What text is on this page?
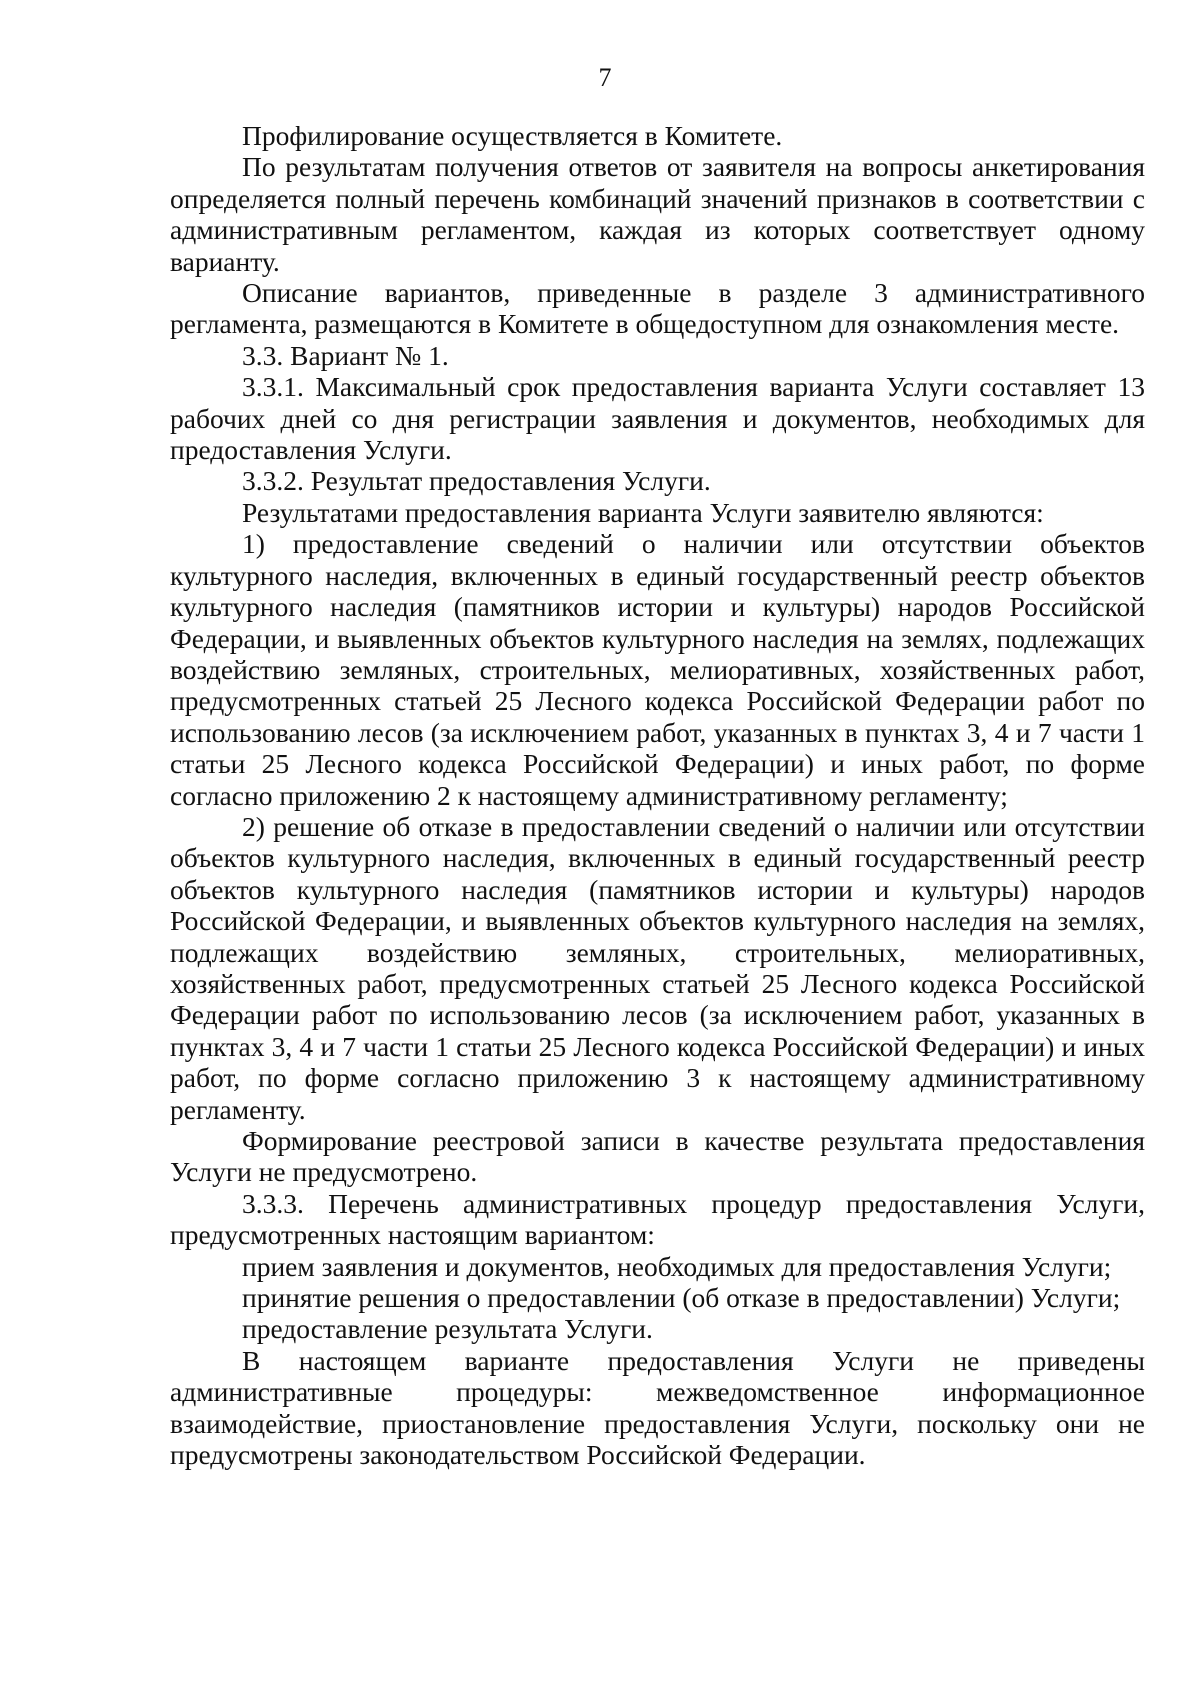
7

Профилирование осуществляется в Комитете.

По результатам получения ответов от заявителя на вопросы анкетирования определяется полный перечень комбинаций значений признаков в соответствии с административным регламентом, каждая из которых соответствует одному варианту.

Описание вариантов, приведенные в разделе 3 административного регламента, размещаются в Комитете в общедоступном для ознакомления месте.

3.3. Вариант № 1.

3.3.1. Максимальный срок предоставления варианта Услуги составляет 13 рабочих дней со дня регистрации заявления и документов, необходимых для предоставления Услуги.

3.3.2. Результат предоставления Услуги.

Результатами предоставления варианта Услуги заявителю являются:

1) предоставление сведений о наличии или отсутствии объектов культурного наследия, включенных в единый государственный реестр объектов культурного наследия (памятников истории и культуры) народов Российской Федерации, и выявленных объектов культурного наследия на землях, подлежащих воздействию земляных, строительных, мелиоративных, хозяйственных работ, предусмотренных статьей 25 Лесного кодекса Российской Федерации работ по использованию лесов (за исключением работ, указанных в пунктах 3, 4 и 7 части 1 статьи 25 Лесного кодекса Российской Федерации) и иных работ, по форме согласно приложению 2 к настоящему административному регламенту;

2) решение об отказе в предоставлении сведений о наличии или отсутствии объектов культурного наследия, включенных в единый государственный реестр объектов культурного наследия (памятников истории и культуры) народов Российской Федерации, и выявленных объектов культурного наследия на землях, подлежащих воздействию земляных, строительных, мелиоративных, хозяйственных работ, предусмотренных статьей 25 Лесного кодекса Российской Федерации работ по использованию лесов (за исключением работ, указанных в пунктах 3, 4 и 7 части 1 статьи 25 Лесного кодекса Российской Федерации) и иных работ, по форме согласно приложению 3 к настоящему административному регламенту.

Формирование реестровой записи в качестве результата предоставления Услуги не предусмотрено.

3.3.3. Перечень административных процедур предоставления Услуги, предусмотренных настоящим вариантом:

прием заявления и документов, необходимых для предоставления Услуги;

принятие решения о предоставлении (об отказе в предоставлении) Услуги;

предоставление результата Услуги.

В настоящем варианте предоставления Услуги не приведены административные процедуры: межведомственное информационное взаимодействие, приостановление предоставления Услуги, поскольку они не предусмотрены законодательством Российской Федерации.
